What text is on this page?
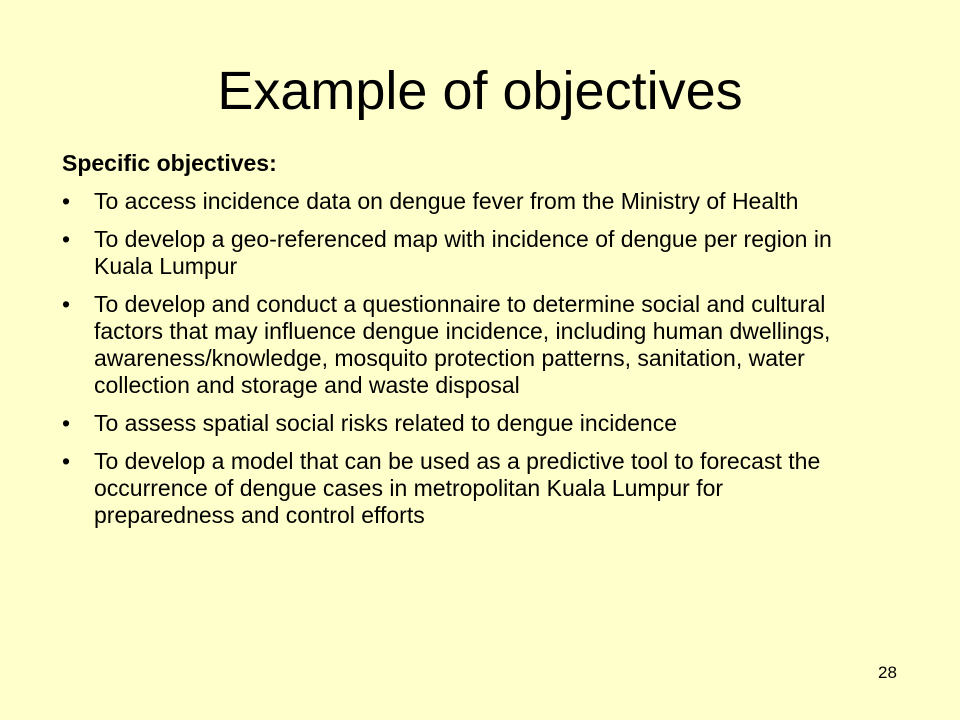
Example of objectives
Specific objectives:
• To access incidence data on dengue fever from the Ministry of Health
• To develop a geo-referenced map with incidence of dengue per region in Kuala Lumpur
• To develop and conduct a questionnaire to determine social and cultural factors that may influence dengue incidence, including human dwellings, awareness/knowledge, mosquito protection patterns, sanitation, water collection and storage and waste disposal
• To assess spatial social risks related to dengue incidence
• To develop a model that can be used as a predictive tool to forecast the occurrence of dengue cases in metropolitan Kuala Lumpur for preparedness and control efforts
28
